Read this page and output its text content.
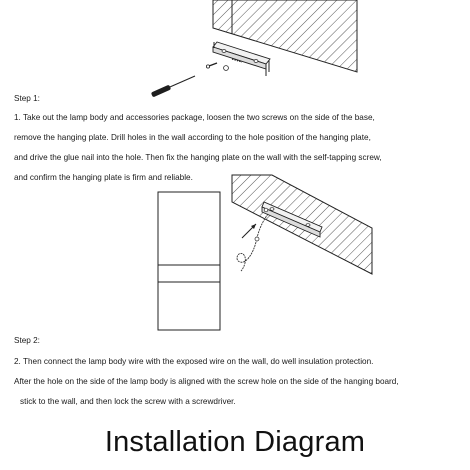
Step 1:
1. Take out the lamp body and accessories package, loosen the two screws on the side of the base,
remove the hanging plate. Drill holes in the wall according to the hole position of the hanging plate,
and drive the glue nail into the hole. Then fix the hanging plate on the wall with the self-tapping screw,
and confirm the hanging plate is firm and reliable.
Step 2:
2. Then connect the lamp body wire with the exposed wire on the wall, do well insulation protection.
After the hole on the side of the lamp body is aligned with the screw hole on the side of the hanging board,
stick to the wall, and then lock the screw with a screwdriver.
Installation Diagram
